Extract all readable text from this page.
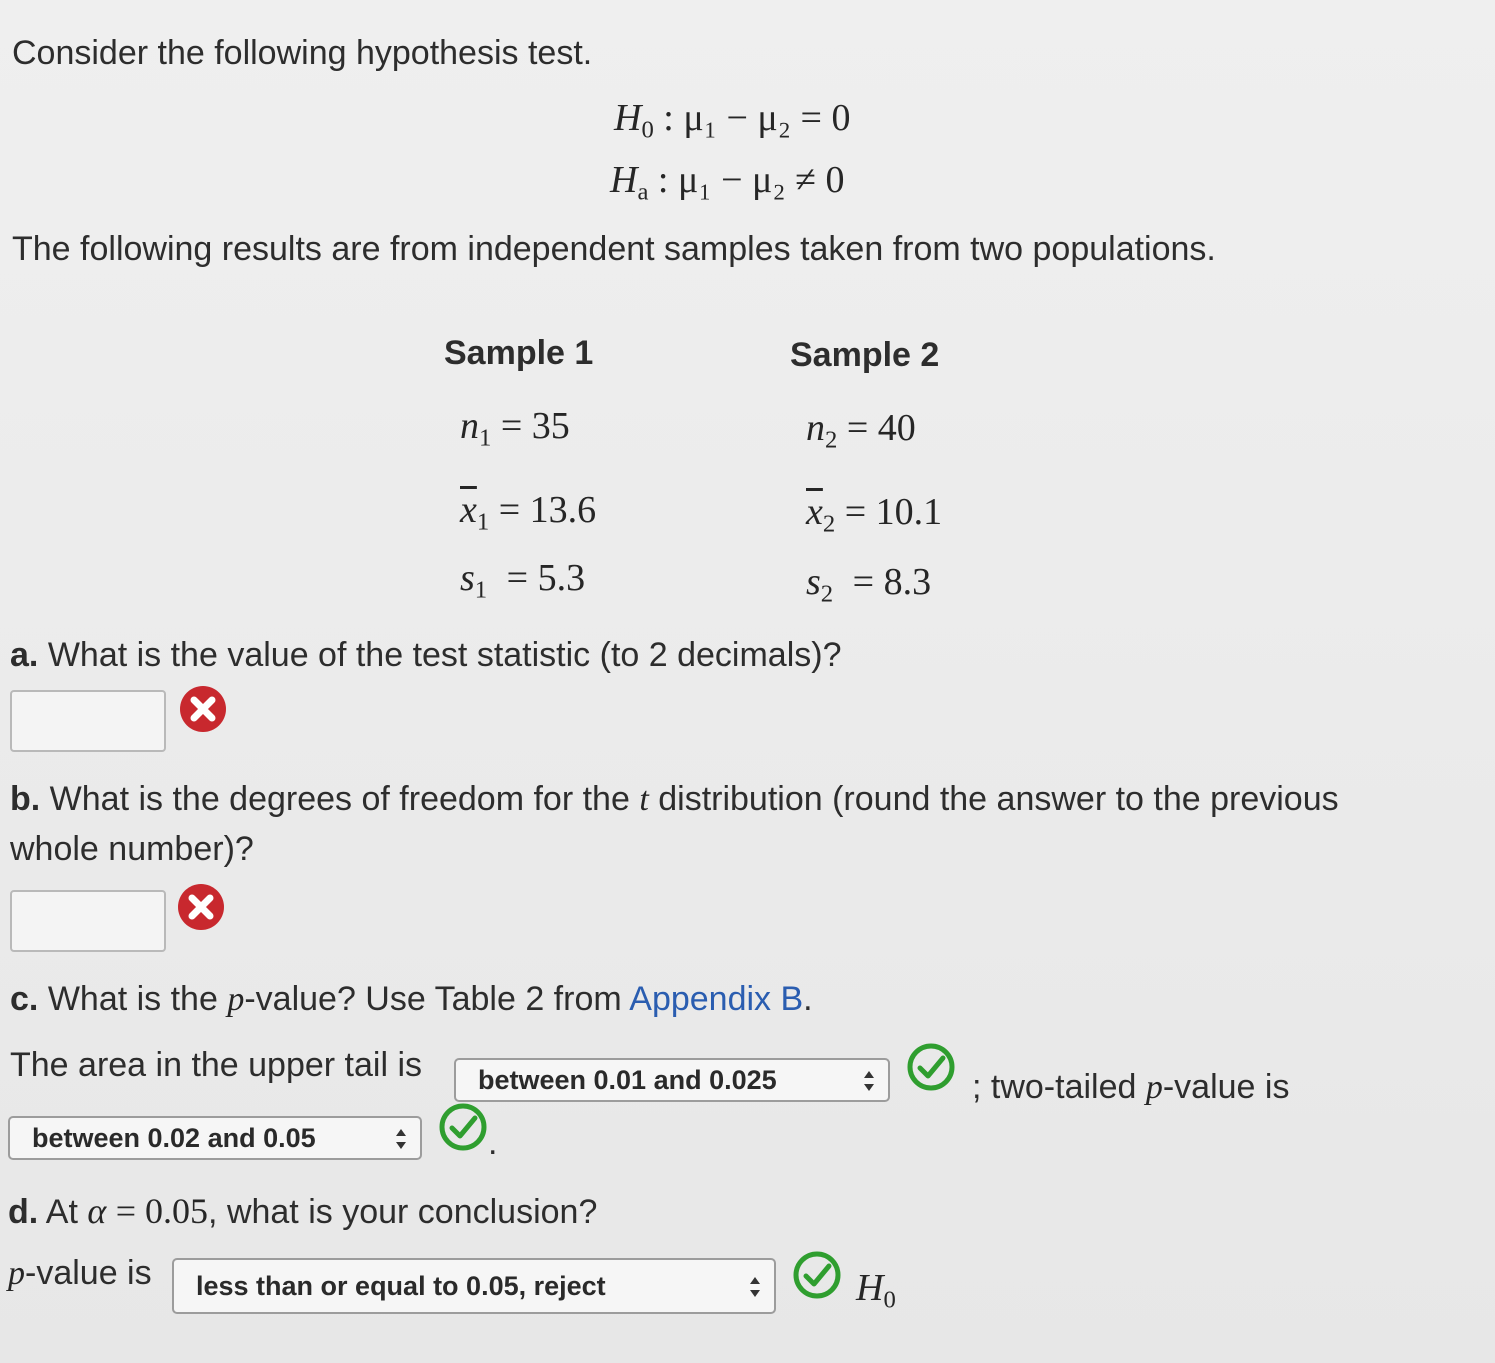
Consider the following hypothesis test.
$H_0$ : μ₁ − μ₂ = 0
$H_a$ : μ₁ − μ₂ ≠ 0
The following results are from independent samples taken from two populations.
Sample 1	Sample 2
$n_1 = 35$	$n_2 = 40$
$\overline{x}_1 = 13.6$	$\overline{x}_2 = 10.1$
$s_1 = 5.3$	$s_2 = 8.3$
a. What is the value of the test statistic (to 2 decimals)?
b. What is the degrees of freedom for the t distribution (round the answer to the previous
whole number)?
c. What is the p-value? Use Table 2 from Appendix B.
The area in the upper tail is between 0.01 and 0.025	; two-tailed p-value is
between 0.02 and 0.05	.
d. At α = 0.05, what is your conclusion?
p-value is less than or equal to 0.05, reject	$H_0$
